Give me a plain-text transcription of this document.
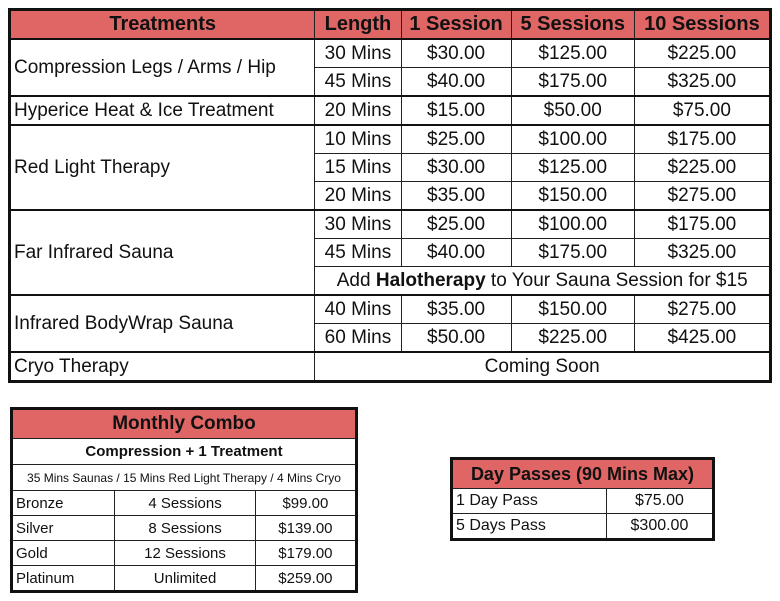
Treatments	Length	1 Session	5 Sessions	10 Sessions
Compression Legs / Arms / Hip	30 Mins	$30.00	$125.00	$225.00
	45 Mins	$40.00	$175.00	$325.00
Hyperice Heat & Ice Treatment	20 Mins	$15.00	$50.00	$75.00
Red Light Therapy	10 Mins	$25.00	$100.00	$175.00
	15 Mins	$30.00	$125.00	$225.00
	20 Mins	$35.00	$150.00	$275.00
Far Infrared Sauna	30 Mins	$25.00	$100.00	$175.00
	45 Mins	$40.00	$175.00	$325.00
	Add Halotherapy to Your Sauna Session for $15			
Infrared BodyWrap Sauna	40 Mins	$35.00	$150.00	$275.00
	60 Mins	$50.00	$225.00	$425.00
Cryo Therapy	Coming Soon			
Monthly Combo		
Compression + 1 Treatment		
35 Mins Saunas / 15 Mins Red Light Therapy / 4 Mins Cryo		
Bronze	4 Sessions	$99.00
Silver	8 Sessions	$139.00
Gold	12 Sessions	$179.00
Platinum	Unlimited	$259.00
Day Passes (90 Mins Max)	
1 Day Pass	$75.00
5 Days Pass	$300.00
